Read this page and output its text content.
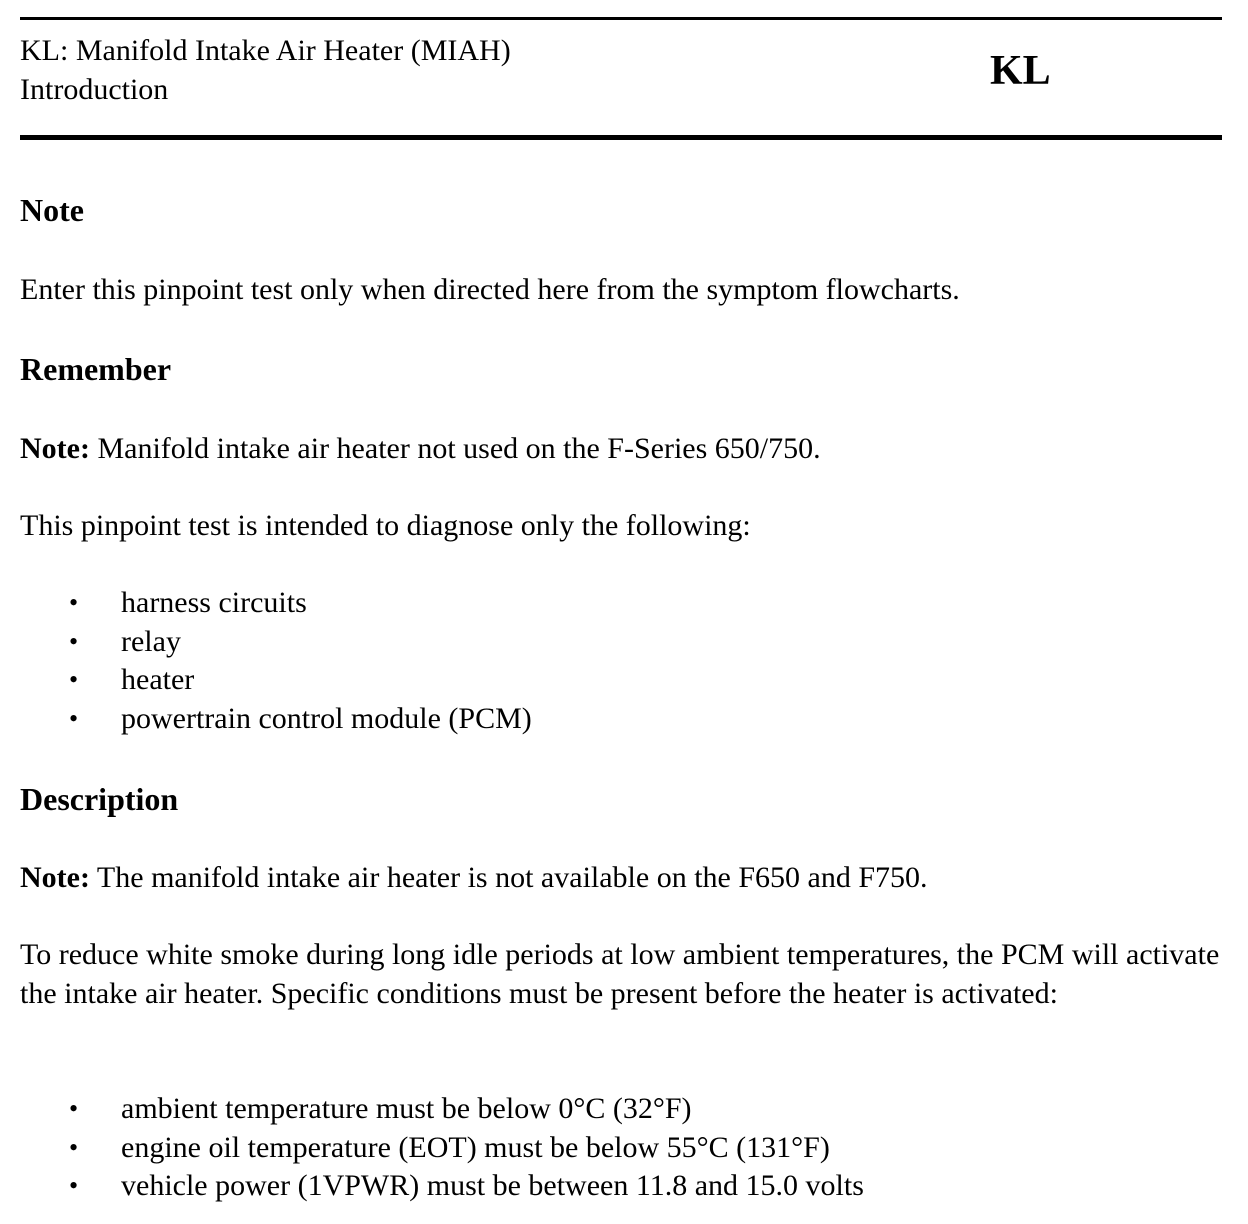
KL: Manifold Intake Air Heater (MIAH)
Introduction	KL
Note
Enter this pinpoint test only when directed here from the symptom flowcharts.
Remember
Note: Manifold intake air heater not used on the F-Series 650/750.
This pinpoint test is intended to diagnose only the following:
• harness circuits
• relay
• heater
• powertrain control module (PCM)
Description
Note: The manifold intake air heater is not available on the F650 and F750.
To reduce white smoke during long idle periods at low ambient temperatures, the PCM will activate the intake air heater. Specific conditions must be present before the heater is activated:
• ambient temperature must be below 0°C (32°F)
• engine oil temperature (EOT) must be below 55°C (131°F)
• vehicle power (1VPWR) must be between 11.8 and 15.0 volts
